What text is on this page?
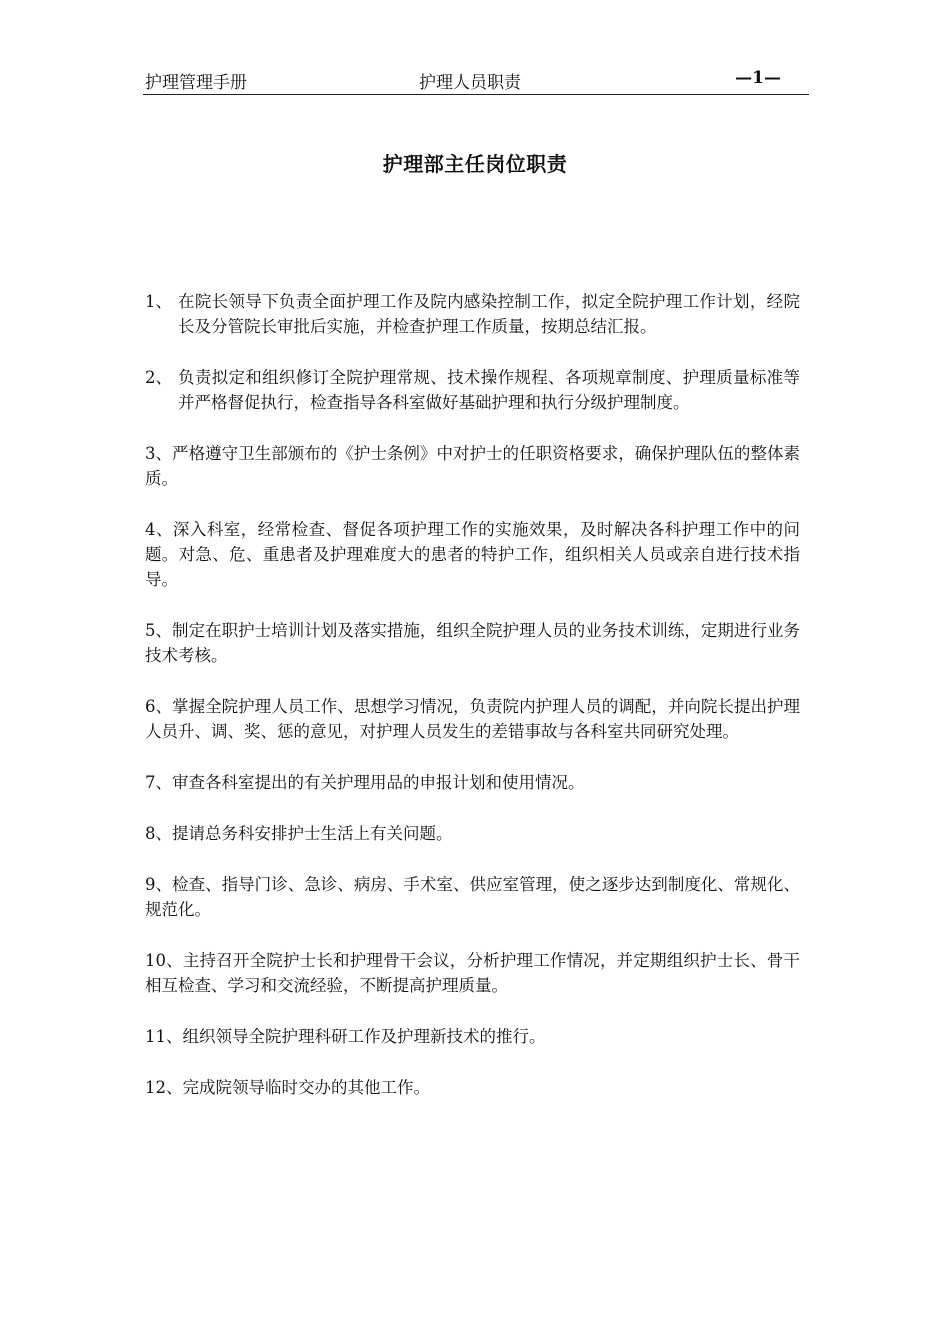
护理管理手册	护理人员职责	—1—
护理部主任岗位职责
1、 在院长领导下负责全面护理工作及院内感染控制工作，拟定全院护理工作计划，经院长及分管院长审批后实施，并检查护理工作质量，按期总结汇报。
2、 负责拟定和组织修订全院护理常规、技术操作规程、各项规章制度、护理质量标准等并严格督促执行，检查指导各科室做好基础护理和执行分级护理制度。
3、严格遵守卫生部颁布的《护士条例》中对护士的任职资格要求，确保护理队伍的整体素质。
4、深入科室，经常检查、督促各项护理工作的实施效果，及时解决各科护理工作中的问题。对急、危、重患者及护理难度大的患者的特护工作，组织相关人员或亲自进行技术指导。
5、制定在职护士培训计划及落实措施，组织全院护理人员的业务技术训练，定期进行业务技术考核。
6、掌握全院护理人员工作、思想学习情况，负责院内护理人员的调配，并向院长提出护理人员升、调、奖、惩的意见，对护理人员发生的差错事故与各科室共同研究处理。
7、审查各科室提出的有关护理用品的申报计划和使用情况。
8、提请总务科安排护士生活上有关问题。
9、检查、指导门诊、急诊、病房、手术室、供应室管理，使之逐步达到制度化、常规化、规范化。
10、主持召开全院护士长和护理骨干会议，分析护理工作情况，并定期组织护士长、骨干相互检查、学习和交流经验，不断提高护理质量。
11、组织领导全院护理科研工作及护理新技术的推行。
12、完成院领导临时交办的其他工作。
